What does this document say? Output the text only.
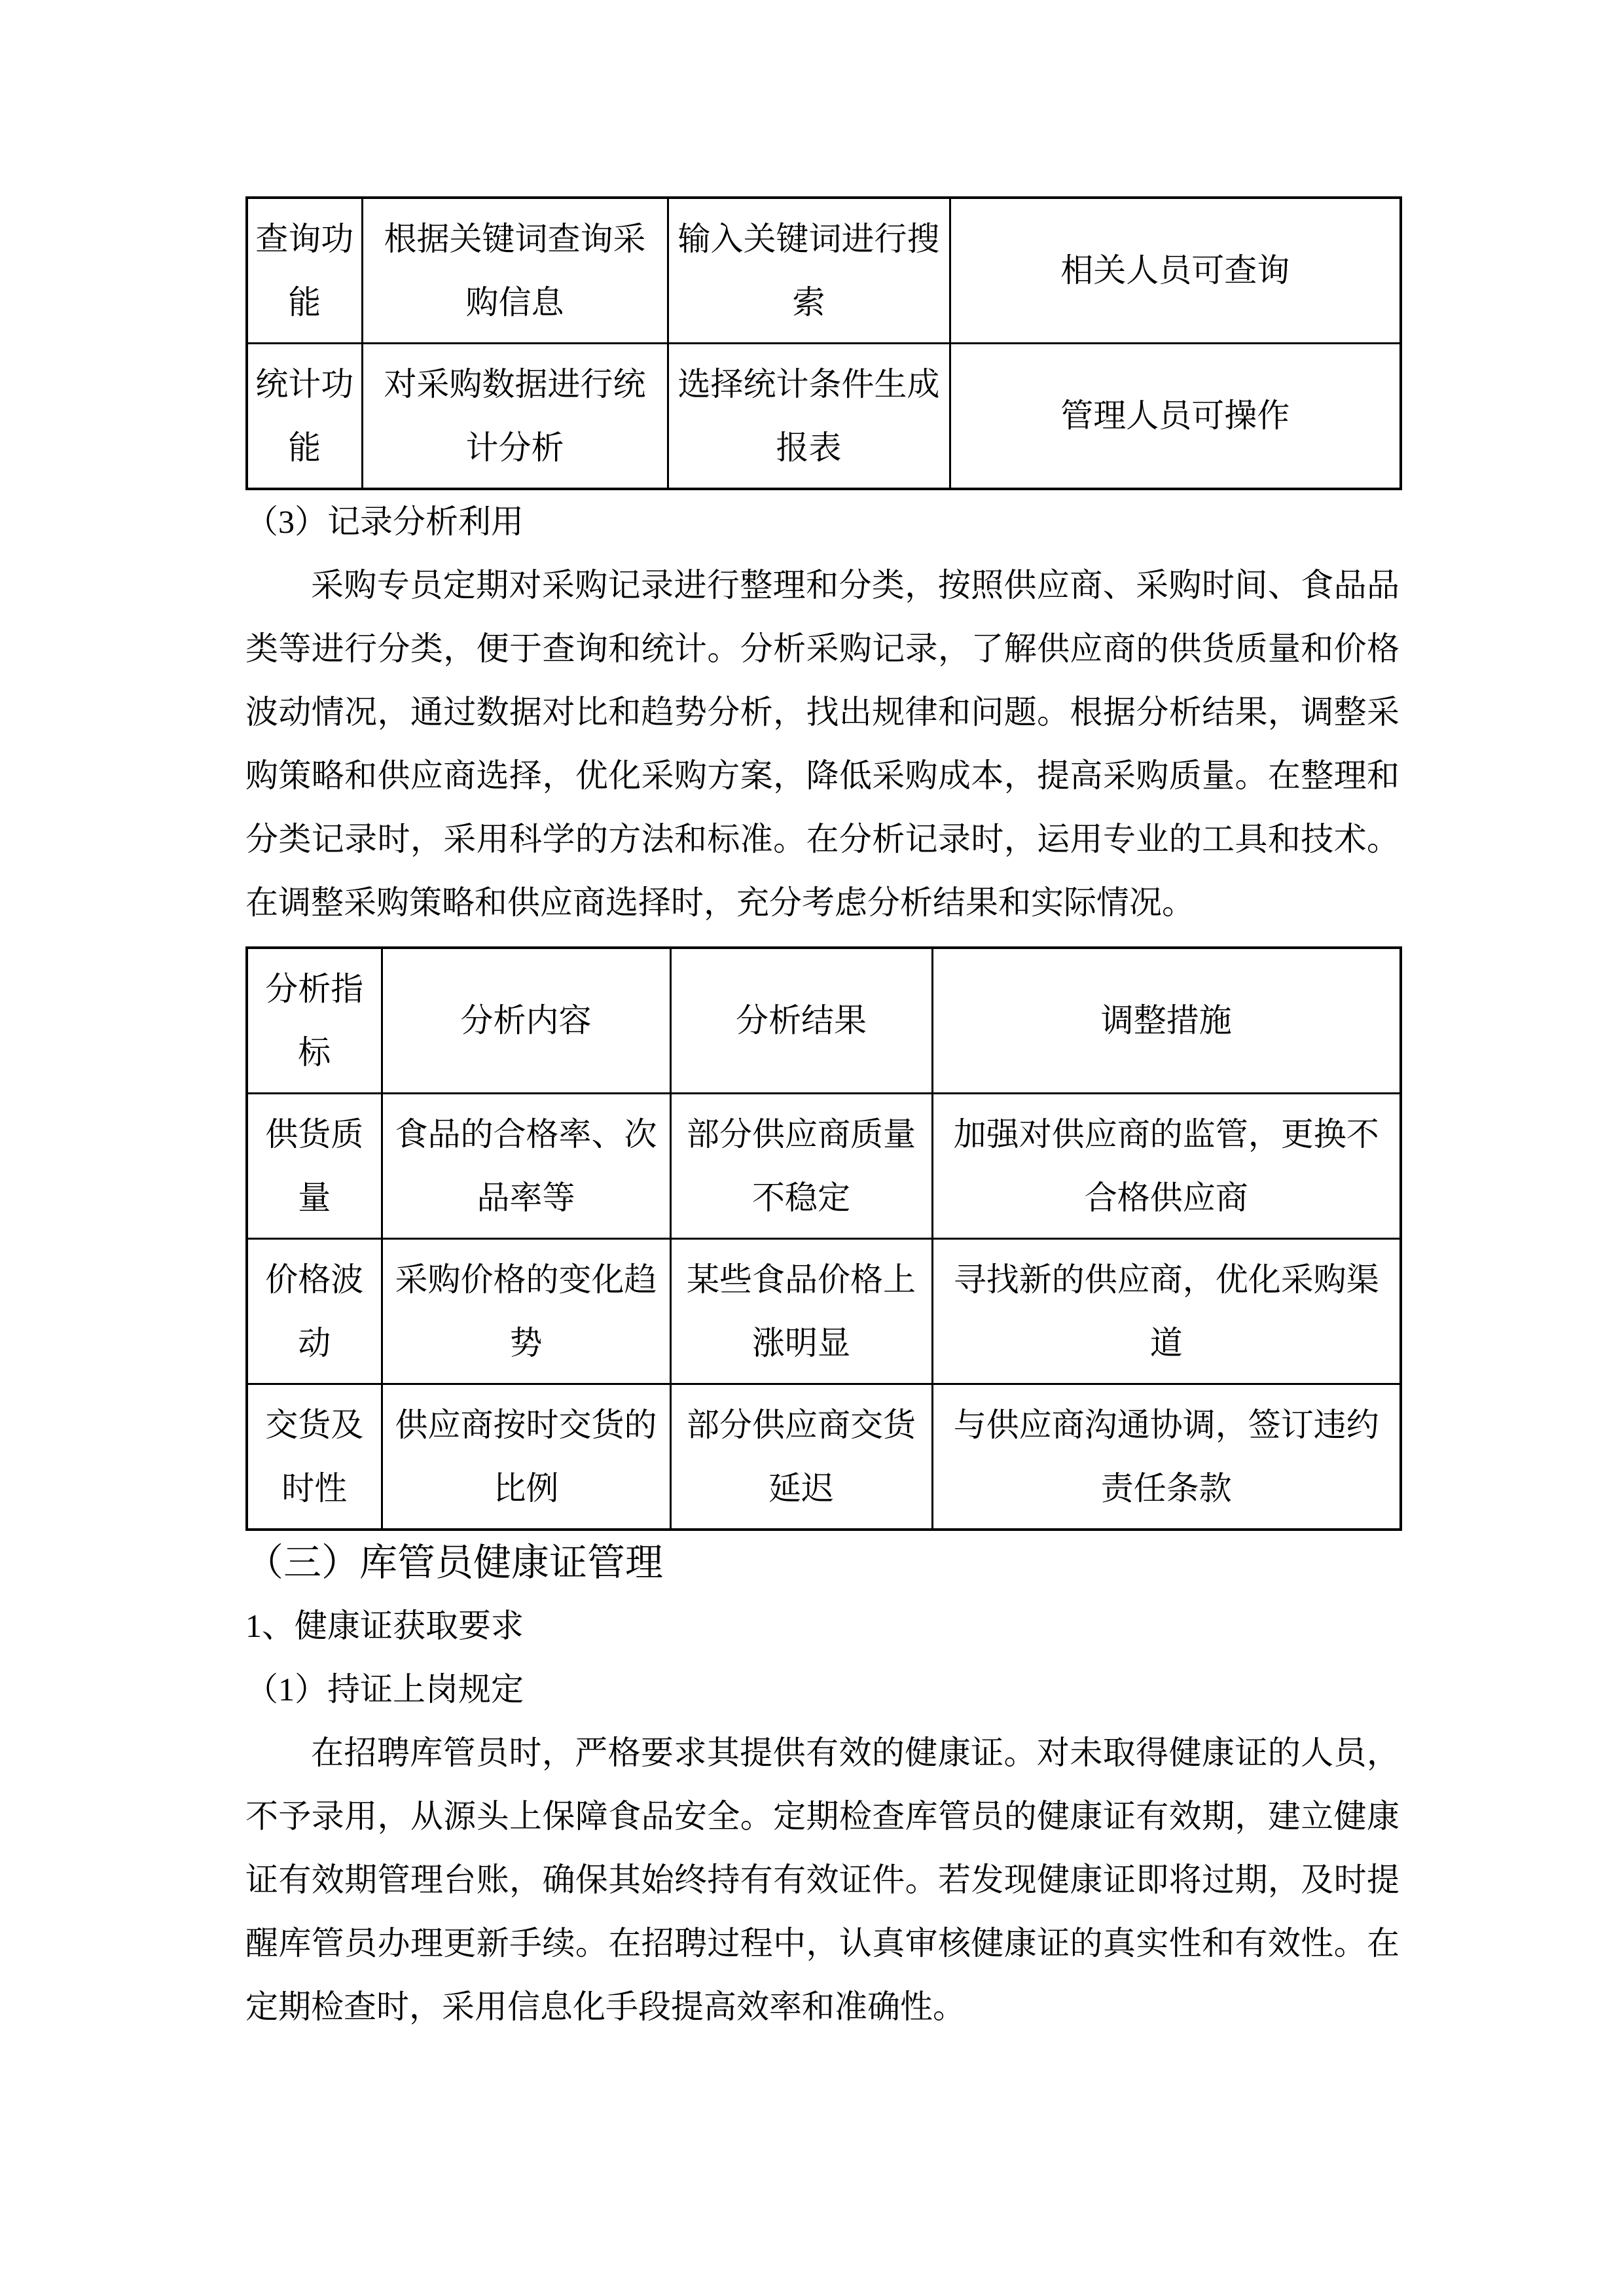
查询功能	根据关键词查询采购信息	输入关键词进行搜索	相关人员可查询
统计功能	对采购数据进行统计分析	选择统计条件生成报表	管理人员可操作

（3）记录分析利用

采购专员定期对采购记录进行整理和分类，按照供应商、采购时间、食品品类等进行分类，便于查询和统计。分析采购记录，了解供应商的供货质量和价格波动情况，通过数据对比和趋势分析，找出规律和问题。根据分析结果，调整采购策略和供应商选择，优化采购方案，降低采购成本，提高采购质量。在整理和分类记录时，采用科学的方法和标准。在分析记录时，运用专业的工具和技术。在调整采购策略和供应商选择时，充分考虑分析结果和实际情况。

分析指标	分析内容	分析结果	调整措施
供货质量	食品的合格率、次品率等	部分供应商质量不稳定	加强对供应商的监管，更换不合格供应商
价格波动	采购价格的变化趋势	某些食品价格上涨明显	寻找新的供应商，优化采购渠道
交货及时性	供应商按时交货的比例	部分供应商交货延迟	与供应商沟通协调，签订违约责任条款

（三）库管员健康证管理

1、健康证获取要求

（1）持证上岗规定

在招聘库管员时，严格要求其提供有效的健康证。对未取得健康证的人员，不予录用，从源头上保障食品安全。定期检查库管员的健康证有效期，建立健康证有效期管理台账，确保其始终持有有效证件。若发现健康证即将过期，及时提醒库管员办理更新手续。在招聘过程中，认真审核健康证的真实性和有效性。在定期检查时，采用信息化手段提高效率和准确性。
